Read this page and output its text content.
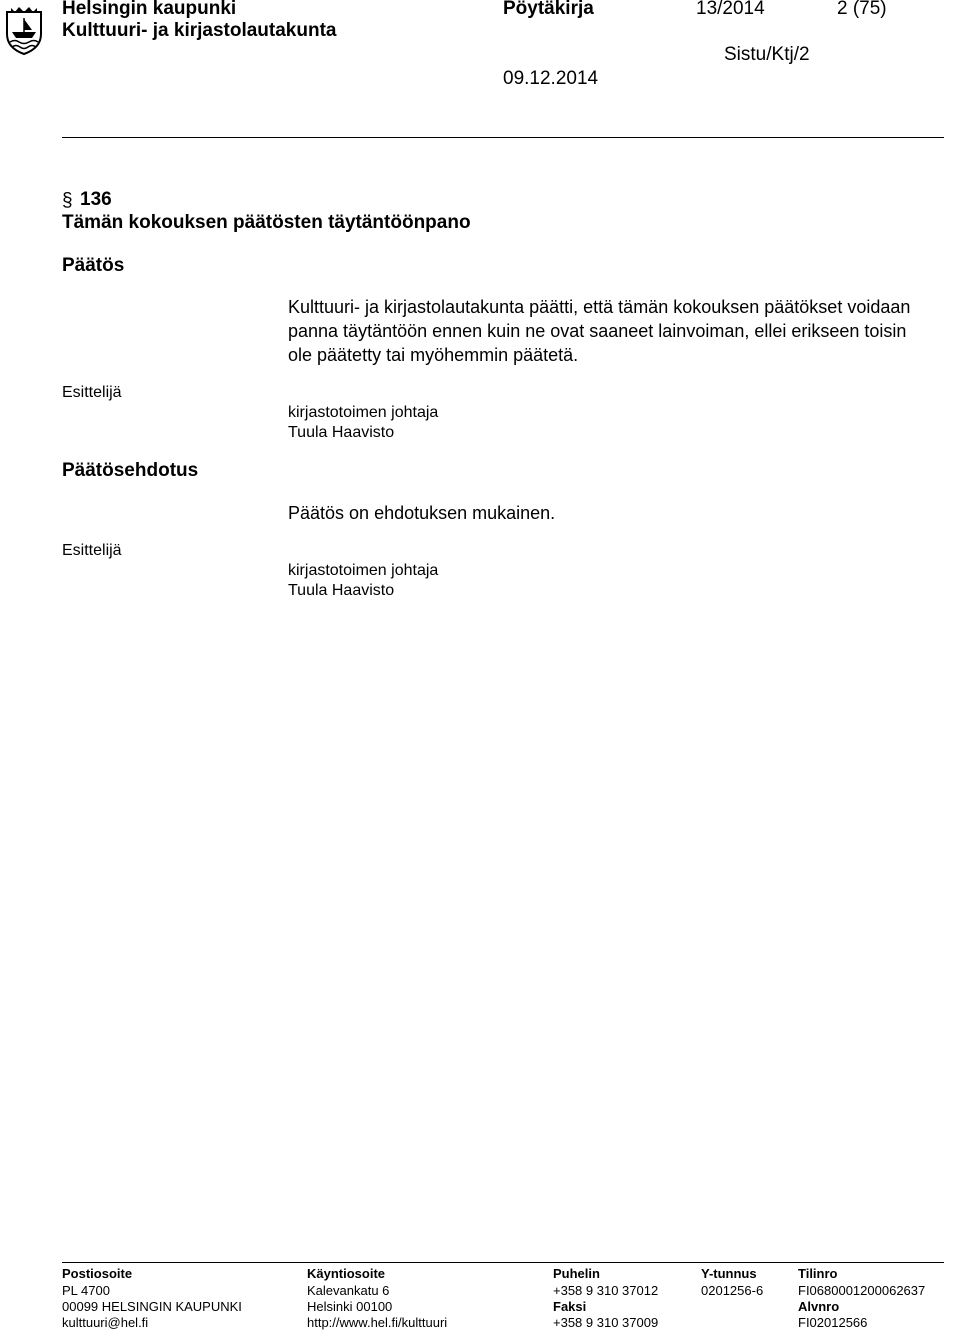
Helsingin kaupunki
Kulttuuri- ja kirjastolautakunta
Pöytäkirja	13/2014	2 (75)
Sistu/Ktj/2
09.12.2014
§ 136
Tämän kokouksen päätösten täytäntöönpano
Päätös
Kulttuuri- ja kirjastolautakunta päätti, että tämän kokouksen päätökset voidaan panna täytäntöön ennen kuin ne ovat saaneet lainvoiman, ellei erikseen toisin ole päätetty tai myöhemmin päätetä.
Esittelijä
kirjastotoimen johtaja
Tuula Haavisto
Päätösehdotus
Päätös on ehdotuksen mukainen.
Esittelijä
kirjastotoimen johtaja
Tuula Haavisto
Postiosoite
PL 4700
00099 HELSINGIN KAUPUNKI
kulttuuri@hel.fi
Käyntiosoite
Kalevankatu 6
Helsinki 00100
http://www.hel.fi/kulttuuri
Puhelin
+358 9 310 37012
Faksi
+358 9 310 37009
Y-tunnus
0201256-6
Tilinro
FI0680001200062637
Alvnro
FI02012566
